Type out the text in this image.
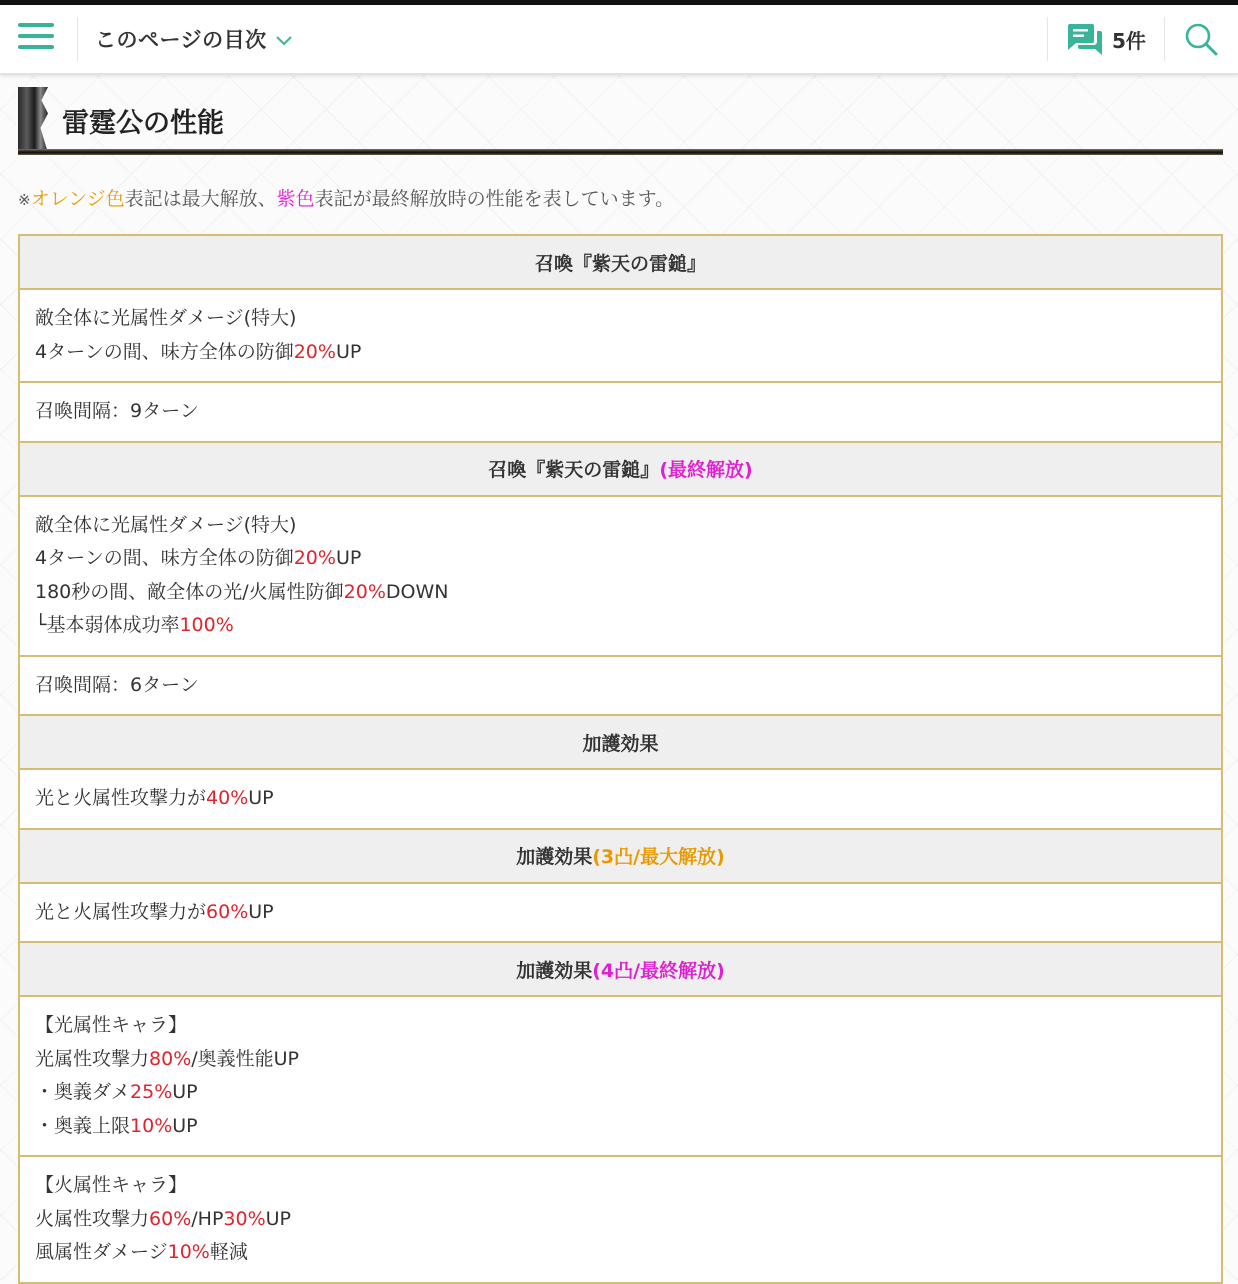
このページの目次	5件
雷霆公の性能
※オレンジ色表記は最大解放、紫色表記が最終解放時の性能を表しています。
召喚『紫天の雷鎚』

敵全体に光属性ダメージ(特大)
4ターンの間、味方全体の防御20%UP

召喚間隔：9ターン
召喚『紫天の雷鎚』(最終解放)

敵全体に光属性ダメージ(特大)
4ターンの間、味方全体の防御20%UP
180秒の間、敵全体の光/火属性防御20%DOWN
└基本弱体成功率100%

召喚間隔：6ターン
加護効果
光と火属性攻撃力が40%UP
加護効果(3凸/最大解放)
光と火属性攻撃力が60%UP
加護効果(4凸/最終解放)

【光属性キャラ】
光属性攻撃力80%/奥義性能UP
・奥義ダメ25%UP
・奥義上限10%UP

【火属性キャラ】
火属性攻撃力60%/HP30%UP
風属性ダメージ10%軽減
